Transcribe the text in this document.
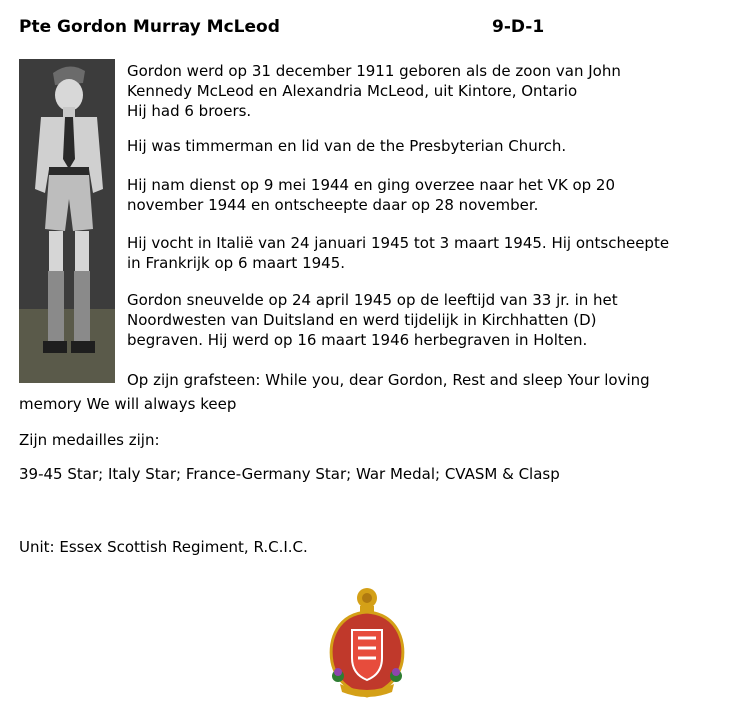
Pte Gordon Murray McLeod	9-D-1

Gordon werd op 31 december 1911 geboren als de zoon van John
Kennedy McLeod en Alexandria McLeod, uit Kintore, Ontario
Hij had 6 broers.

Hij was timmerman en lid van de the Presbyterian Church.

Hij nam dienst op 9 mei 1944 en ging overzee naar het VK op 20
november 1944 en ontscheepte daar op 28 november.

Hij vocht in Italië van 24 januari 1945 tot 3 maart 1945. Hij ontscheepte
in Frankrijk op 6 maart 1945.

Gordon sneuvelde op 24 april 1945 op de leeftijd van 33 jr. in het
Noordwesten van Duitsland en werd tijdelijk in Kirchhatten (D)
begraven. Hij werd op 16 maart 1946 herbegraven in Holten.

Op zijn grafsteen: While you, dear Gordon, Rest and sleep Your loving
memory We will always keep
Zijn medailles zijn:
39-45 Star; Italy Star; France-Germany Star; War Medal; CVASM & Clasp
Unit: Essex Scottish Regiment, R.C.I.C.
